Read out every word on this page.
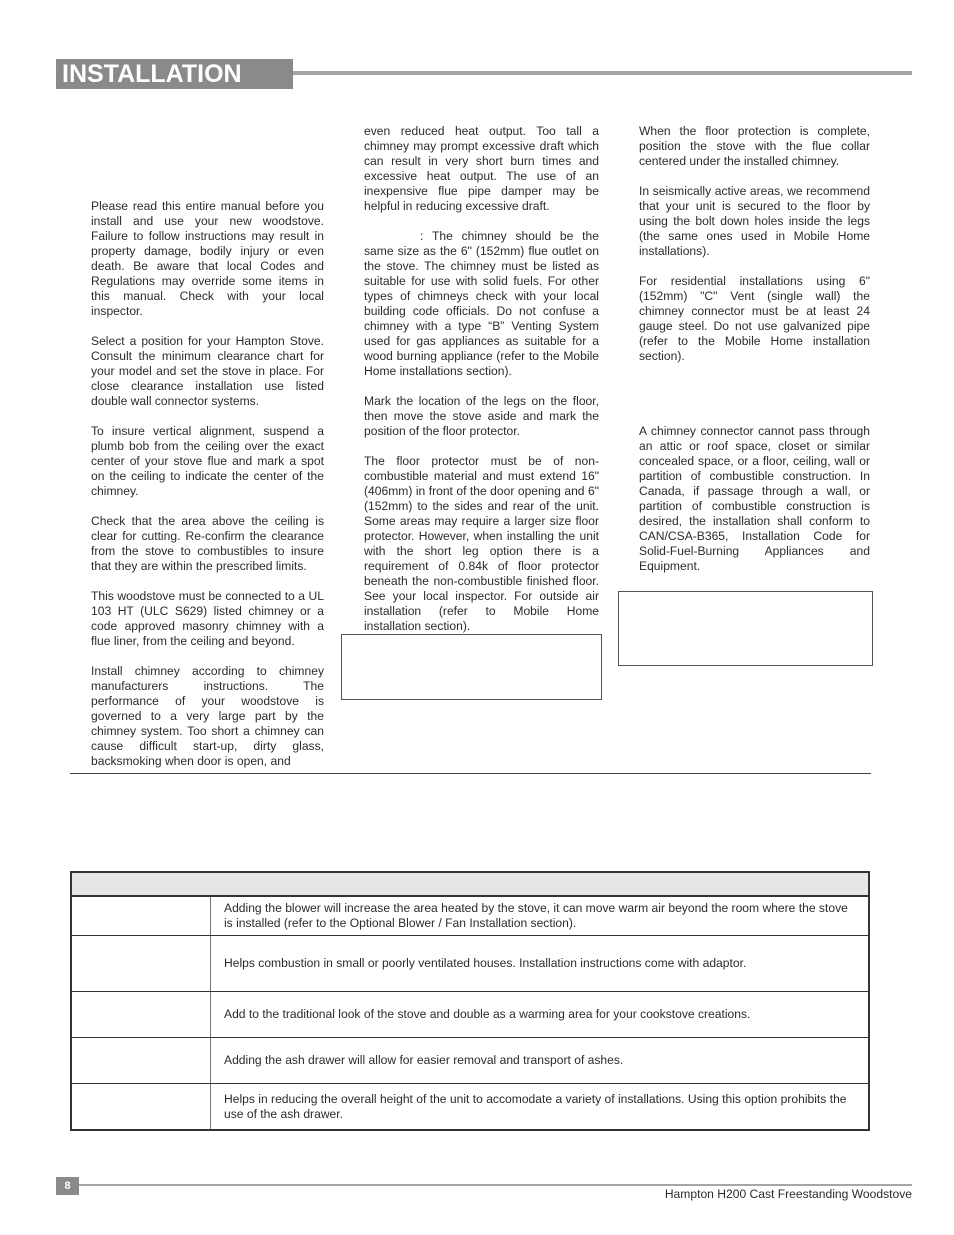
INSTALLATION

Please read this entire manual before you install and use your new woodstove. Failure to follow instructions may result in property damage, bodily injury or even death. Be aware that local Codes and Regulations may override some items in this manual. Check with your local inspector.

Select a position for your Hampton Stove. Consult the minimum clearance chart for your model and set the stove in place. For close clearance installation use listed double wall connector systems.

To insure vertical alignment, suspend a plumb bob from the ceiling over the exact center of your stove flue and mark a spot on the ceiling to indicate the center of the chimney.

Check that the area above the ceiling is clear for cutting. Re-confirm the clearance from the stove to combustibles to insure that they are within the prescribed limits.

This woodstove must be connected to a UL 103 HT (ULC S629) listed chimney or a code approved masonry chimney with a flue liner, from the ceiling and beyond.

Install chimney according to chimney manufacturers instructions. The performance of your woodstove is governed to a very large part by the chimney system. Too short a chimney can cause difficult start-up, dirty glass, backsmoking when door is open, and

even reduced heat output. Too tall a chimney may prompt excessive draft which can result in very short burn times and excessive heat output. The use of an inexpensive flue pipe damper may be helpful in reducing excessive draft.

: The chimney should be the same size as the 6" (152mm) flue outlet on the stove. The chimney must be listed as suitable for use with solid fuels. For other types of chimneys check with your local building code officials. Do not confuse a chimney with a type “B” Venting System used for gas appliances as suitable for a wood burning appliance (refer to the Mobile Home installations section).

Mark the location of the legs on the floor, then move the stove aside and mark the position of the floor protector.

The floor protector must be of non-combustible material and must extend 16" (406mm) in front of the door opening and 6" (152mm) to the sides and rear of the unit. Some areas may require a larger size floor protector. However, when installing the unit with the short leg option there is a requirement of 0.84k of floor protector beneath the non-combustible finished floor. See your local inspector. For outside air installation (refer to Mobile Home installation section).

When the floor protection is complete, position the stove with the flue collar centered under the installed chimney.

In seismically active areas, we recommend that your unit is secured to the floor by using the bolt down holes inside the legs (the same ones used in Mobile Home installations).

For residential installations using 6" (152mm) "C" Vent (single wall) the chimney connector must be at least 24 gauge steel. Do not use galvanized pipe (refer to the Mobile Home installation section).

A chimney connector cannot pass through an attic or roof space, closet or similar concealed space, or a floor, ceiling, wall or partition of combustible construction. In Canada, if passage through a wall, or partition of combustible construction is desired, the installation shall conform to CAN/CSA-B365, Installation Code for Solid-Fuel-Burning Appliances and Equipment.

	Adding the blower will increase the area heated by the stove, it can move warm air beyond the room where the stove is installed (refer to the Optional Blower / Fan Installation section).
	Helps combustion in small or poorly ventilated houses. Installation instructions come with adaptor.
	Add to the traditional look of the stove and double as a warming area for your cookstove creations.
	Adding the ash drawer will allow for easier removal and transport of ashes.
	Helps in reducing the overall height of the unit to accomodate a variety of installations. Using this option prohibits the use of the ash drawer.
8
Hampton H200 Cast Freestanding Woodstove
